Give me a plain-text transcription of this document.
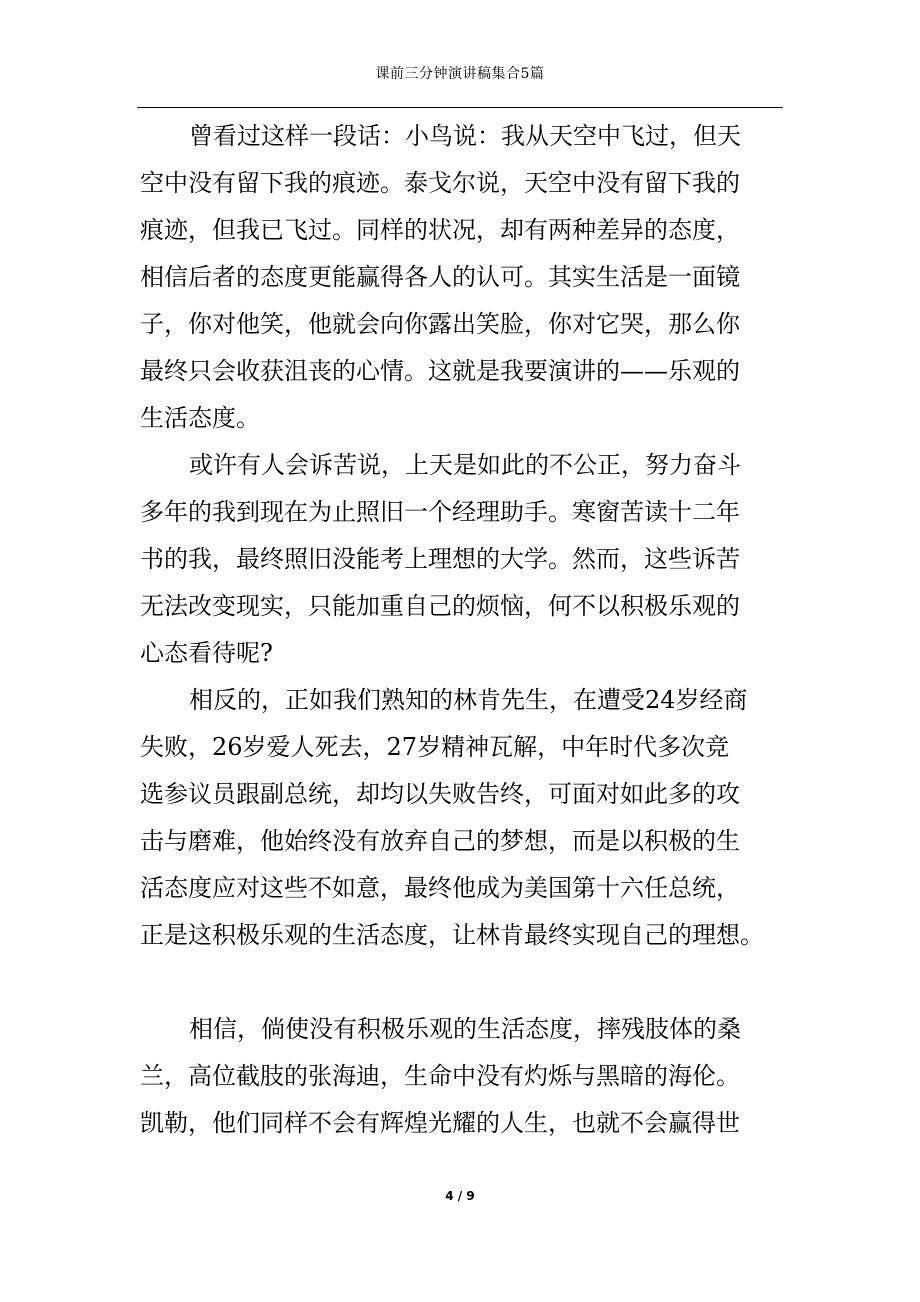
课前三分钟演讲稿集合5篇
曾看过这样一段话：小鸟说：我从天空中飞过，但天
空中没有留下我的痕迹。泰戈尔说，天空中没有留下我的
痕迹，但我已飞过。同样的状况，却有两种差异的态度，
相信后者的态度更能赢得各人的认可。其实生活是一面镜
子，你对他笑，他就会向你露出笑脸，你对它哭，那么你
最终只会收获沮丧的心情。这就是我要演讲的——乐观的
生活态度。
或许有人会诉苦说，上天是如此的不公正，努力奋斗
多年的我到现在为止照旧一个经理助手。寒窗苦读十二年
书的我，最终照旧没能考上理想的大学。然而，这些诉苦
无法改变现实，只能加重自己的烦恼，何不以积极乐观的
心态看待呢?
相反的，正如我们熟知的林肯先生，在遭受24岁经商
失败，26岁爱人死去，27岁精神瓦解，中年时代多次竞
选参议员跟副总统，却均以失败告终，可面对如此多的攻
击与磨难，他始终没有放弃自己的梦想，而是以积极的生
活态度应对这些不如意，最终他成为美国第十六任总统，
正是这积极乐观的生活态度，让林肯最终实现自己的理想。
相信，倘使没有积极乐观的生活态度，摔残肢体的桑
兰，高位截肢的张海迪，生命中没有灼烁与黑暗的海伦。
凯勒，他们同样不会有辉煌光耀的人生，也就不会赢得世
4 / 9
